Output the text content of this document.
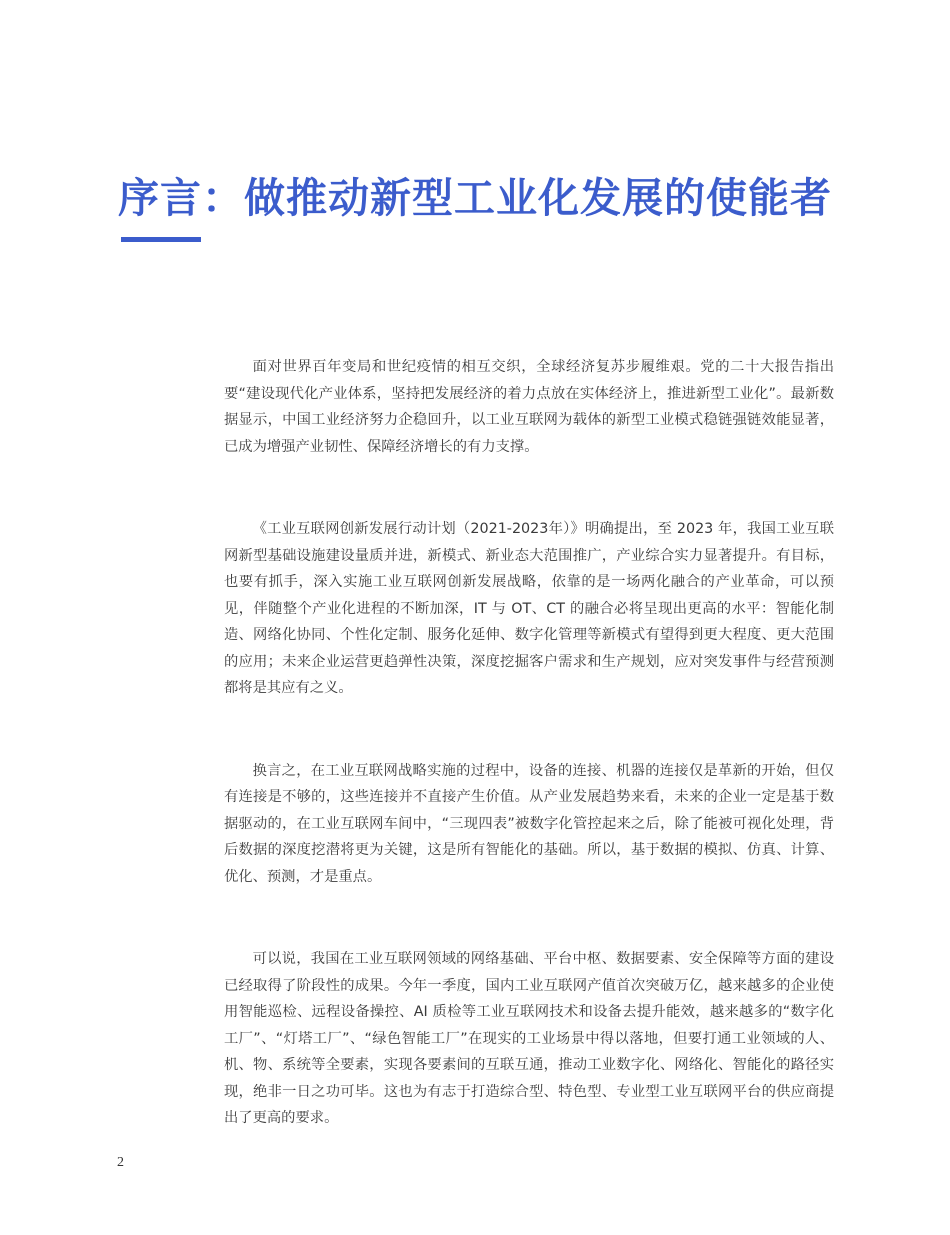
序言：做推动新型工业化发展的使能者

面对世界百年变局和世纪疫情的相互交织，全球经济复苏步履维艰。党的二十大报告指出要“建设现代化产业体系，坚持把发展经济的着力点放在实体经济上，推进新型工业化”。最新数据显示，中国工业经济努力企稳回升，以工业互联网为载体的新型工业模式稳链强链效能显著，已成为增强产业韧性、保障经济增长的有力支撑。

《工业互联网创新发展行动计划（2021-2023年）》明确提出，至 2023 年，我国工业互联网新型基础设施建设量质并进，新模式、新业态大范围推广，产业综合实力显著提升。有目标，也要有抓手，深入实施工业互联网创新发展战略，依靠的是一场两化融合的产业革命，可以预见，伴随整个产业化进程的不断加深，IT 与 OT、CT 的融合必将呈现出更高的水平：智能化制造、网络化协同、个性化定制、服务化延伸、数字化管理等新模式有望得到更大程度、更大范围的应用；未来企业运营更趋弹性决策，深度挖掘客户需求和生产规划，应对突发事件与经营预测都将是其应有之义。

换言之，在工业互联网战略实施的过程中，设备的连接、机器的连接仅是革新的开始，但仅有连接是不够的，这些连接并不直接产生价值。从产业发展趋势来看，未来的企业一定是基于数据驱动的，在工业互联网车间中，“三现四表”被数字化管控起来之后，除了能被可视化处理，背后数据的深度挖潜将更为关键，这是所有智能化的基础。所以，基于数据的模拟、仿真、计算、优化、预测，才是重点。

可以说，我国在工业互联网领域的网络基础、平台中枢、数据要素、安全保障等方面的建设已经取得了阶段性的成果。今年一季度，国内工业互联网产值首次突破万亿，越来越多的企业使用智能巡检、远程设备操控、AI 质检等工业互联网技术和设备去提升能效，越来越多的“数字化工厂”、“灯塔工厂”、“绿色智能工厂”在现实的工业场景中得以落地，但要打通工业领域的人、机、物、系统等全要素，实现各要素间的互联互通，推动工业数字化、网络化、智能化的路径实现，绝非一日之功可毕。这也为有志于打造综合型、特色型、专业型工业互联网平台的供应商提出了更高的要求。

2
